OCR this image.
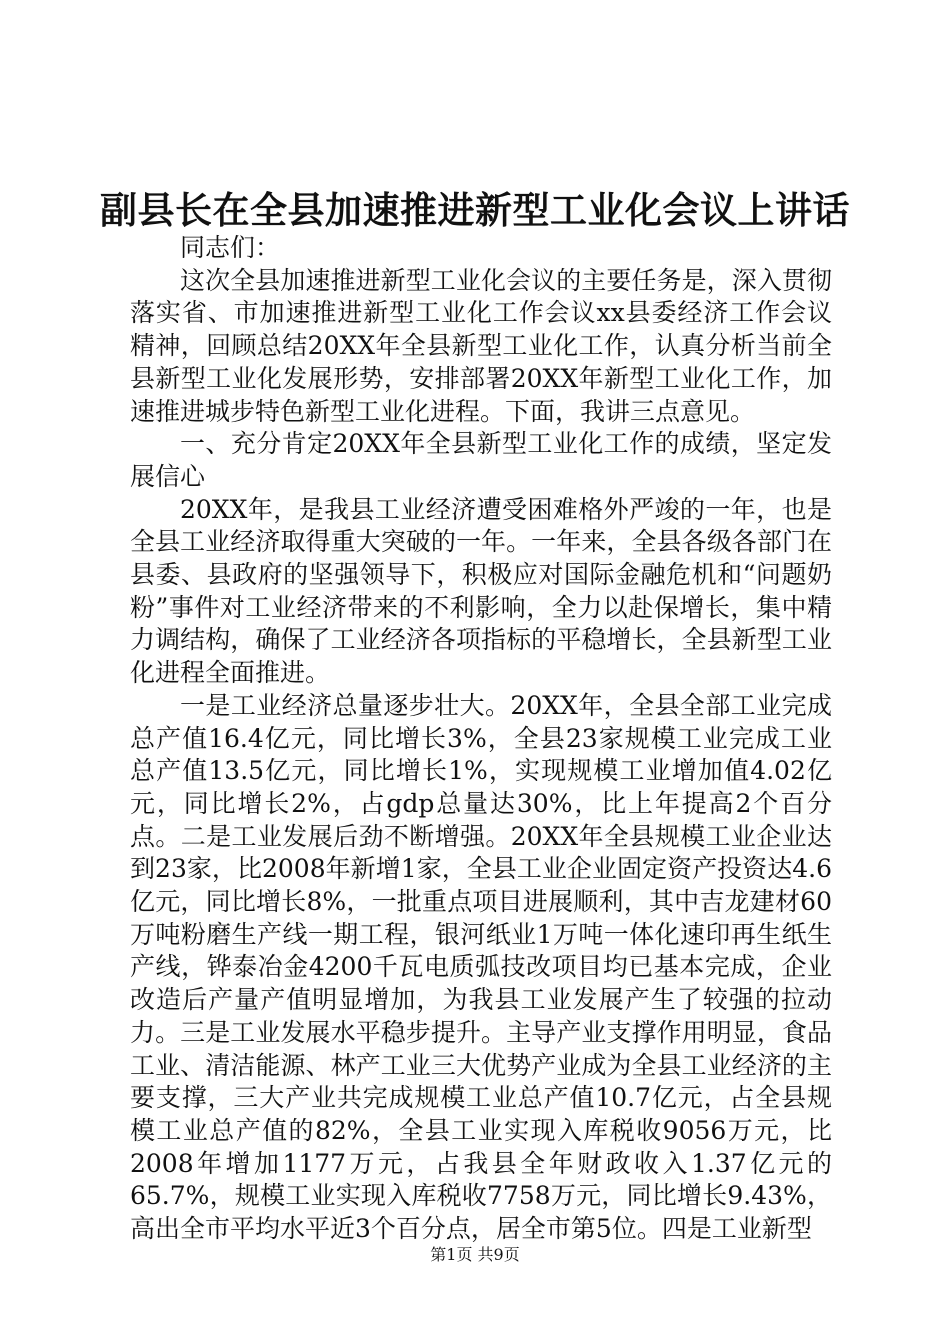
副县长在全县加速推进新型工业化会议上讲话

同志们：

这次全县加速推进新型工业化会议的主要任务是，深入贯彻落实省、市加速推进新型工业化工作会议xx县委经济工作会议精神，回顾总结20XX年全县新型工业化工作，认真分析当前全县新型工业化发展形势，安排部署20XX年新型工业化工作，加速推进城步特色新型工业化进程。下面，我讲三点意见。

一、充分肯定20XX年全县新型工业化工作的成绩，坚定发展信心

20XX年，是我县工业经济遭受困难格外严竣的一年，也是全县工业经济取得重大突破的一年。一年来，全县各级各部门在县委、县政府的坚强领导下，积极应对国际金融危机和“问题奶粉”事件对工业经济带来的不利影响，全力以赴保增长，集中精力调结构，确保了工业经济各项指标的平稳增长，全县新型工业化进程全面推进。

一是工业经济总量逐步壮大。20XX年，全县全部工业完成总产值16.4亿元，同比增长3%，全县23家规模工业完成工业总产值13.5亿元，同比增长1%，实现规模工业增加值4.02亿元，同比增长2%，占gdp总量达30%，比上年提高2个百分点。二是工业发展后劲不断增强。20XX年全县规模工业企业达到23家，比2008年新增1家，全县工业企业固定资产投资达4.6亿元，同比增长8%，一批重点项目进展顺利，其中吉龙建材60万吨粉磨生产线一期工程，银河纸业1万吨一体化速印再生纸生产线，铧泰冶金4200千瓦电质弧技改项目均已基本完成，企业改造后产量产值明显增加，为我县工业发展产生了较强的拉动力。三是工业发展水平稳步提升。主导产业支撑作用明显，食品工业、清洁能源、林产工业三大优势产业成为全县工业经济的主要支撑，三大产业共完成规模工业总产值10.7亿元，占全县规模工业总产值的82%，全县工业实现入库税收9056万元，比2008年增加1177万元，占我县全年财政收入1.37亿元的65.7%，规模工业实现入库税收7758万元，同比增长9.43%，高出全市平均水平近3个百分点，居全市第5位。四是工业新型

第1页 共9页
